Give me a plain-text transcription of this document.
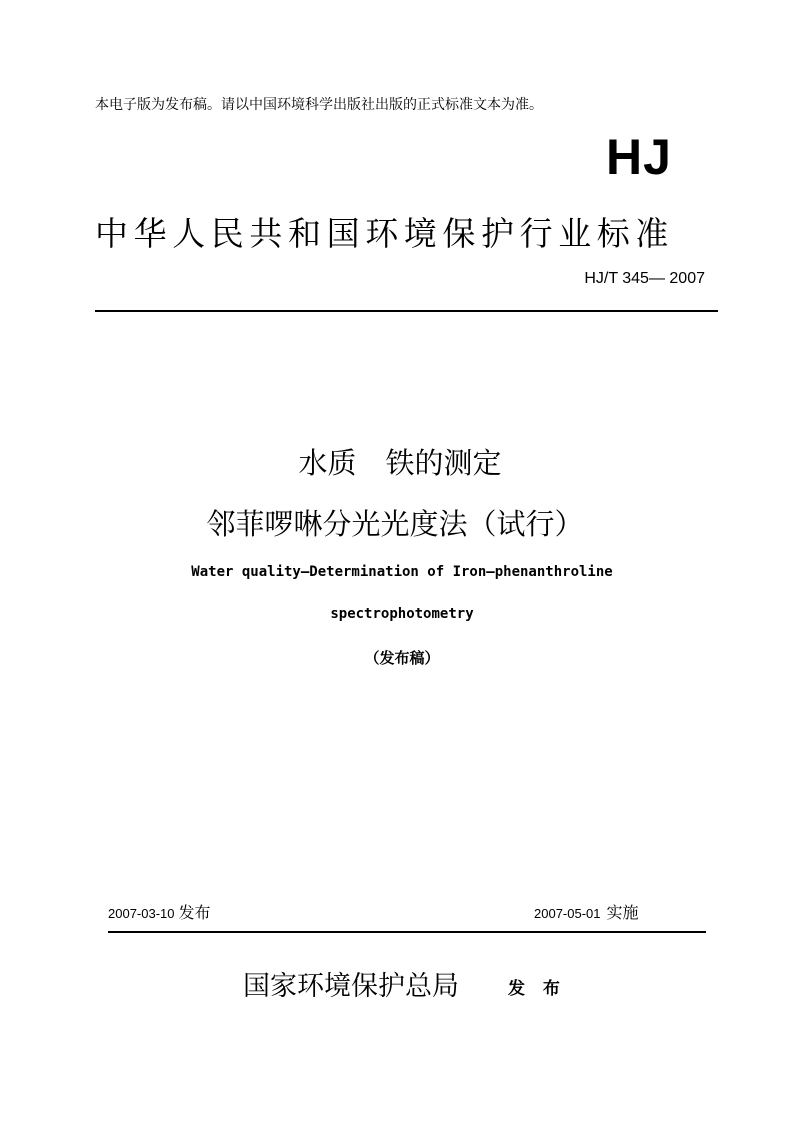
本电子版为发布稿。请以中国环境科学出版社出版的正式标准文本为准。
HJ
中华人民共和国环境保护行业标准
HJ/T 345— 2007
水质　铁的测定
邻菲啰啉分光光度法（试行）
Water quality—Determination of Iron—phenanthroline
spectrophotometry
（发布稿）
2007-03-10 发布	2007-05-01 实施
国家环境保护总局	发 布
